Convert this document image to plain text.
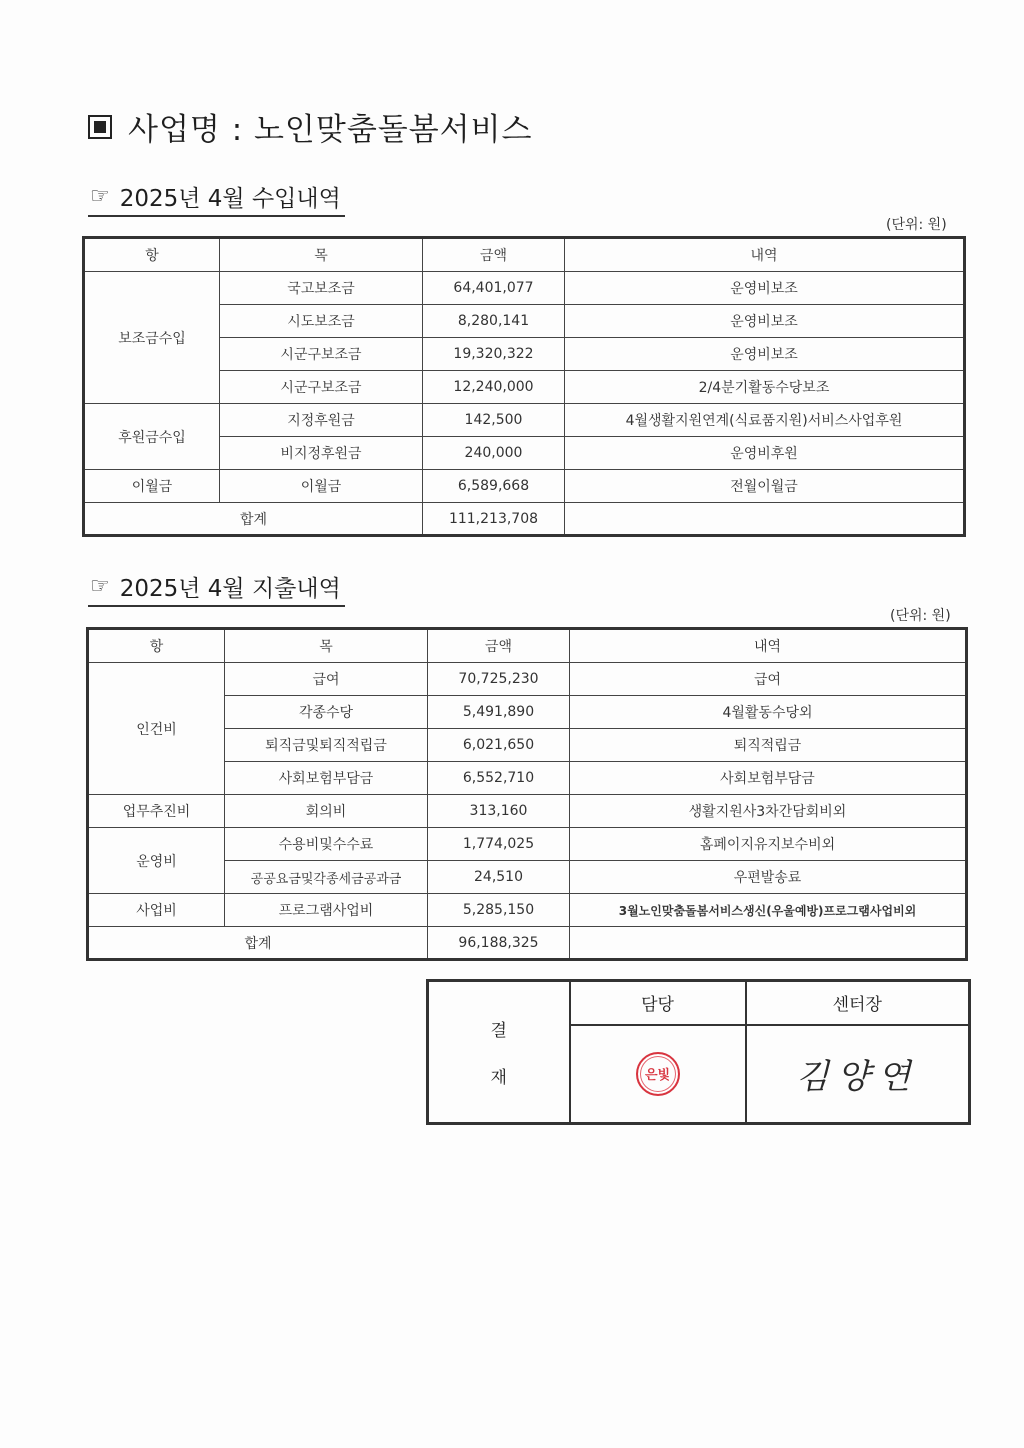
사업명 : 노인맞춤돌봄서비스
☞ 2025년 4월 수입내역
(단위: 원)
항	목	금액	내역
보조금수입	국고보조금	64,401,077	운영비보조
	시도보조금	8,280,141	운영비보조
	시군구보조금	19,320,322	운영비보조
	시군구보조금	12,240,000	2/4분기활동수당보조
후원금수입	지정후원금	142,500	4월생활지원연계(식료품지원)서비스사업후원
	비지정후원금	240,000	운영비후원
이월금	이월금	6,589,668	전월이월금
합계		111,213,708	
☞ 2025년 4월 지출내역
(단위: 원)
항	목	금액	내역
인건비	급여	70,725,230	급여
	각종수당	5,491,890	4월활동수당외
	퇴직금및퇴직적립금	6,021,650	퇴직적립금
	사회보험부담금	6,552,710	사회보험부담금
업무추진비	회의비	313,160	생활지원사3차간담회비외
운영비	수용비및수수료	1,774,025	홈페이지유지보수비외
	공공요금및각종세금공과금	24,510	우편발송료
사업비	프로그램사업비	5,285,150	3월노인맞춤돌봄서비스생신(우울예방)프로그램사업비외
합계		96,188,325	
결
재	담당	센터장
	은빛	김양연
